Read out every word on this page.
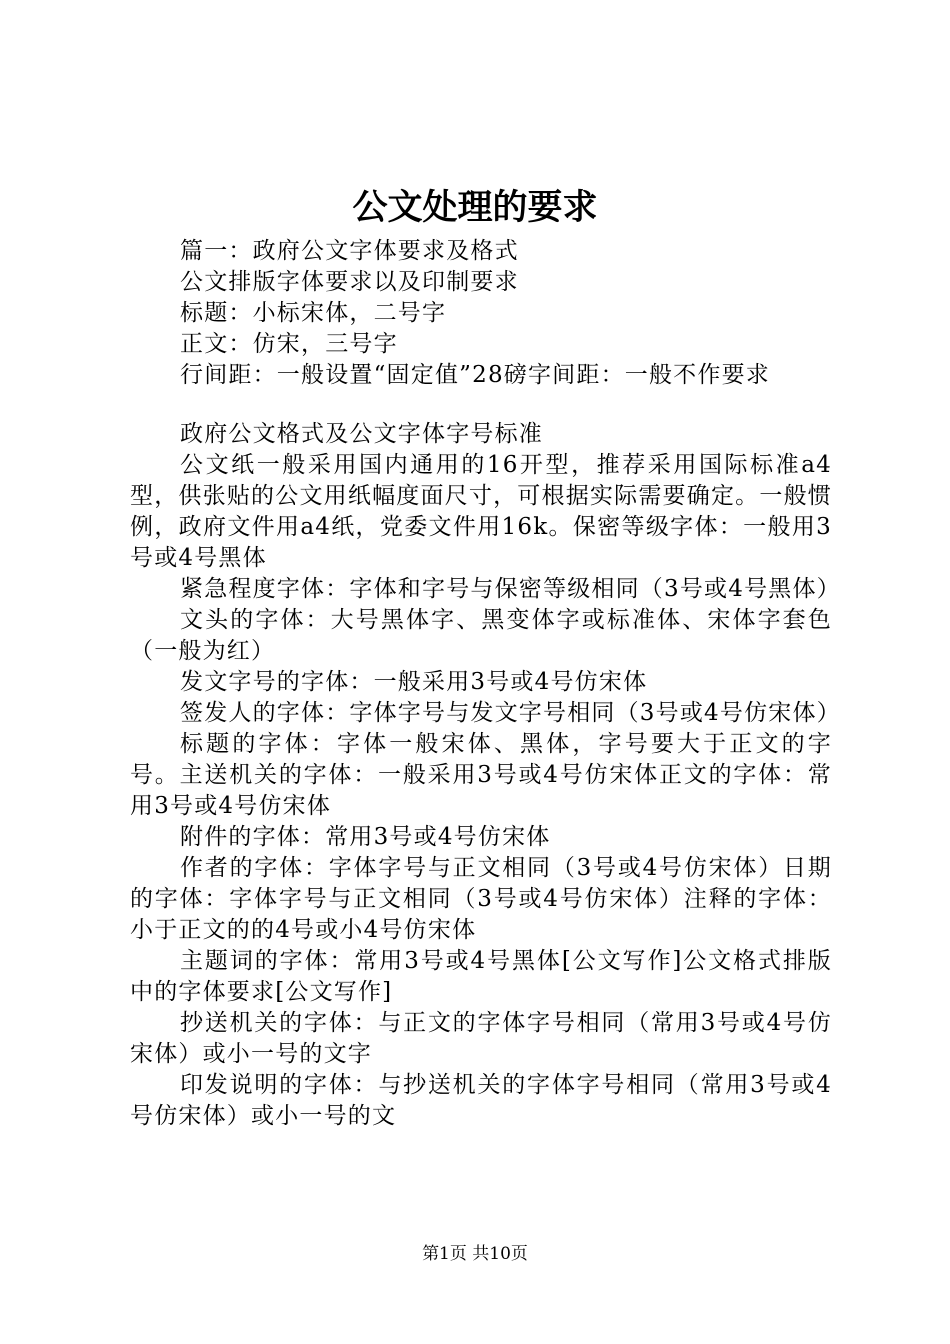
公文处理的要求

篇一：政府公文字体要求及格式

公文排版字体要求以及印制要求

标题：小标宋体，二号字

正文：仿宋，三号字

行间距：一般设置“固定值”28磅字间距：一般不作要求

政府公文格式及公文字体字号标准

公文纸一般采用国内通用的16开型，推荐采用国际标准a4型，供张贴的公文用纸幅度面尺寸，可根据实际需要确定。一般惯例，政府文件用a4纸，党委文件用16k。保密等级字体：一般用3号或4号黑体

紧急程度字体：字体和字号与保密等级相同（3号或4号黑体）

文头的字体：大号黑体字、黑变体字或标准体、宋体字套色（一般为红）

发文字号的字体：一般采用3号或4号仿宋体

签发人的字体：字体字号与发文字号相同（3号或4号仿宋体）

标题的字体：字体一般宋体、黑体，字号要大于正文的字号。主送机关的字体：一般采用3号或4号仿宋体正文的字体：常用3号或4号仿宋体

附件的字体：常用3号或4号仿宋体

作者的字体：字体字号与正文相同（3号或4号仿宋体）日期的字体：字体字号与正文相同（3号或4号仿宋体）注释的字体：小于正文的的4号或小4号仿宋体

主题词的字体：常用3号或4号黑体[公文写作]公文格式排版中的字体要求[公文写作]

抄送机关的字体：与正文的字体字号相同（常用3号或4号仿宋体）或小一号的文字

印发说明的字体：与抄送机关的字体字号相同（常用3号或4号仿宋体）或小一号的文

第1页 共10页
